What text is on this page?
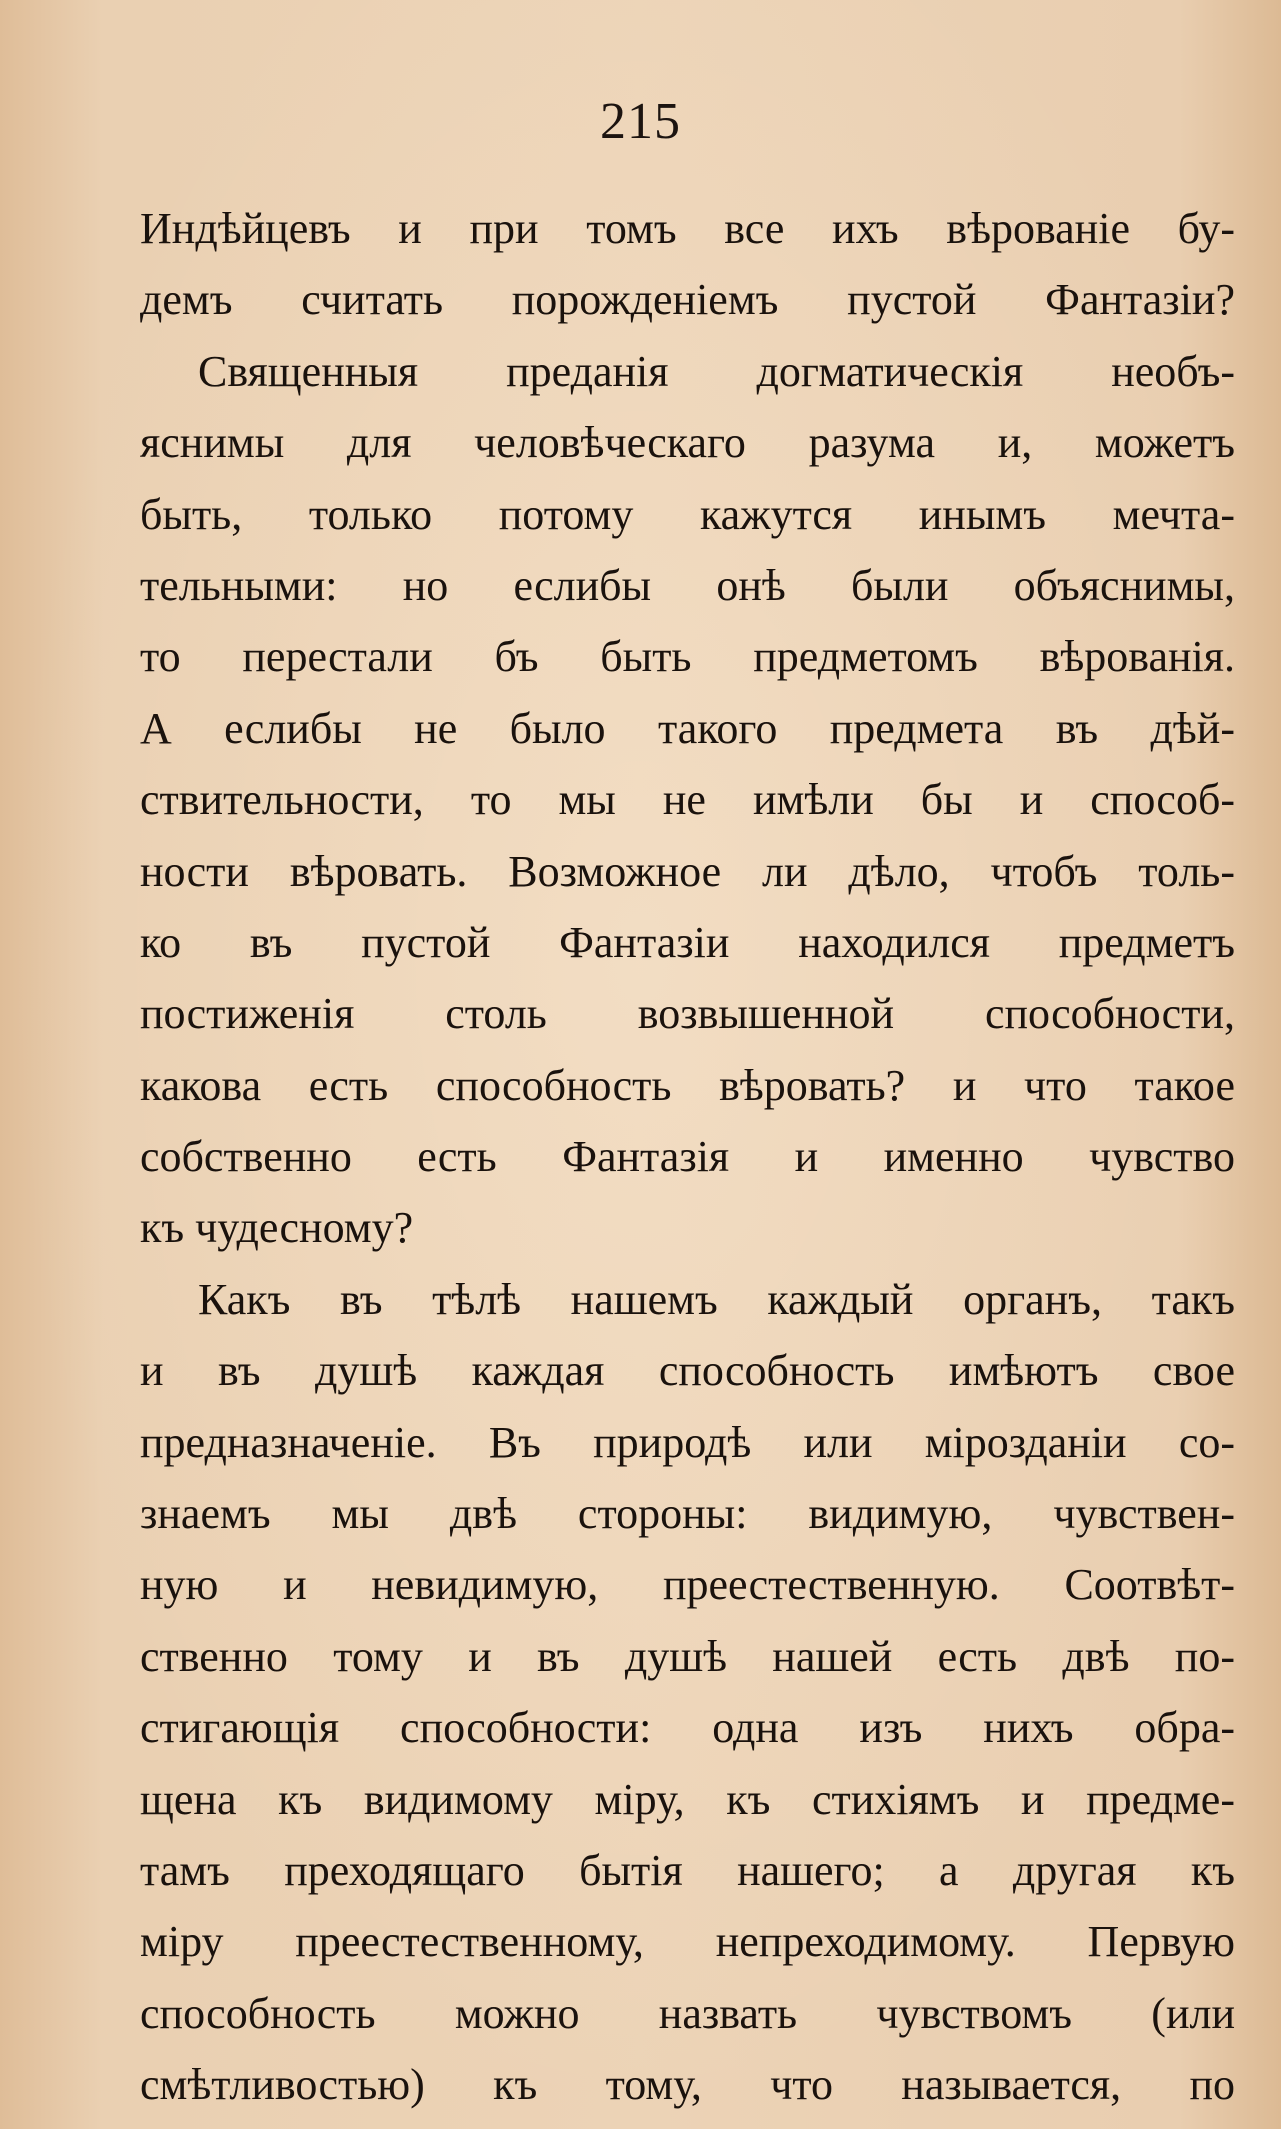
215
Индѣйцевъ и при томъ все ихъ вѣрованіе бу-
демъ считать порожденіемъ пустой Фантазіи?
Священныя преданія догматическія необъ-
яснимы для человѣческаго разума и, можетъ
быть, только потому кажутся инымъ мечта-
тельными: но еслибы онѣ были объяснимы,
то перестали бъ быть предметомъ вѣрованія.
А еслибы не было такого предмета въ дѣй-
ствительности, то мы не имѣли бы и способ-
ности вѣровать. Возможное ли дѣло, чтобъ толь-
ко въ пустой Фантазіи находился предметъ
постиженія столь возвышенной способности,
какова есть способность вѣровать? и что такое
собственно есть Фантазія и именно чувство
къ чудесному?
Какъ въ тѣлѣ нашемъ каждый органъ, такъ
и въ душѣ каждая способность имѣютъ свое
предназначеніе. Въ природѣ или мірозданіи со-
знаемъ мы двѣ стороны: видимую, чувствен-
ную и невидимую, преестественную. Соотвѣт-
ственно тому и въ душѣ нашей есть двѣ по-
стигающія способности: одна изъ нихъ обра-
щена къ видимому міру, къ стихіямъ и предме-
тамъ преходящаго бытія нашего; а другая къ
міру преестественному, непреходимому. Первую
способность можно назвать чувствомъ (или
смѣтливостью) къ тому, что называется, по
